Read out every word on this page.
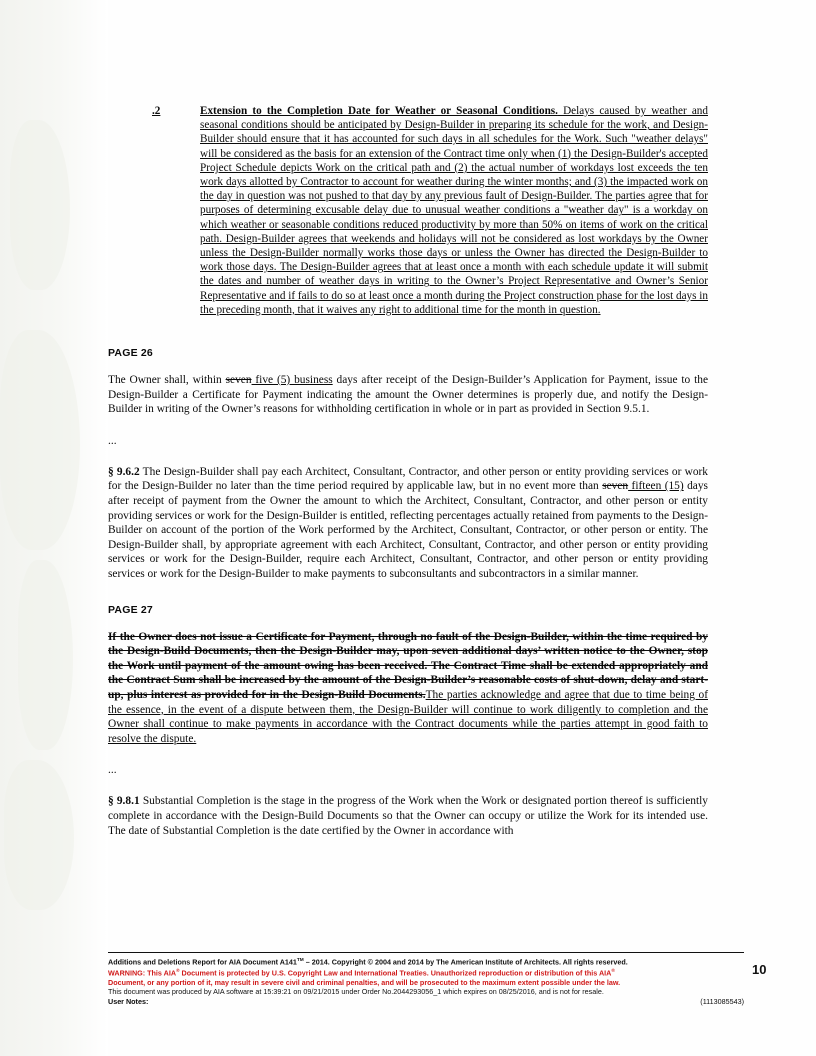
.2	Extension to the Completion Date for Weather or Seasonal Conditions. Delays caused by weather and seasonal conditions should be anticipated by Design-Builder in preparing its schedule for the work, and Design-Builder should ensure that it has accounted for such days in all schedules for the Work. Such "weather delays" will be considered as the basis for an extension of the Contract time only when (1) the Design-Builder's accepted Project Schedule depicts Work on the critical path and (2) the actual number of workdays lost exceeds the ten work days allotted by Contractor to account for weather during the winter months; and (3) the impacted work on the day in question was not pushed to that day by any previous fault of Design-Builder. The parties agree that for purposes of determining excusable delay due to unusual weather conditions a "weather day" is a workday on which weather or seasonable conditions reduced productivity by more than 50% on items of work on the critical path. Design-Builder agrees that weekends and holidays will not be considered as lost workdays by the Owner unless the Design-Builder normally works those days or unless the Owner has directed the Design-Builder to work those days. The Design-Builder agrees that at least once a month with each schedule update it will submit the dates and number of weather days in writing to the Owner’s Project Representative and Owner’s Senior Representative and if fails to do so at least once a month during the Project construction phase for the lost days in the preceding month, that it waives any right to additional time for the month in question.

PAGE 26

The Owner shall, within seven five (5) business days after receipt of the Design-Builder’s Application for Payment, issue to the Design-Builder a Certificate for Payment indicating the amount the Owner determines is properly due, and notify the Design-Builder in writing of the Owner’s reasons for withholding certification in whole or in part as provided in Section 9.5.1.

...

§ 9.6.2 The Design-Builder shall pay each Architect, Consultant, Contractor, and other person or entity providing services or work for the Design-Builder no later than the time period required by applicable law, but in no event more than seven fifteen (15) days after receipt of payment from the Owner the amount to which the Architect, Consultant, Contractor, and other person or entity providing services or work for the Design-Builder is entitled, reflecting percentages actually retained from payments to the Design-Builder on account of the portion of the Work performed by the Architect, Consultant, Contractor, or other person or entity. The Design-Builder shall, by appropriate agreement with each Architect, Consultant, Contractor, and other person or entity providing services or work for the Design-Builder, require each Architect, Consultant, Contractor, and other person or entity providing services or work for the Design-Builder to make payments to subconsultants and subcontractors in a similar manner.

PAGE 27

If the Owner does not issue a Certificate for Payment, through no fault of the Design-Builder, within the time required by the Design-Build Documents, then the Design-Builder may, upon seven additional days’ written notice to the Owner, stop the Work until payment of the amount owing has been received. The Contract Time shall be extended appropriately and the Contract Sum shall be increased by the amount of the Design-Builder’s reasonable costs of shut-down, delay and start-up, plus interest as provided for in the Design-Build Documents.The parties acknowledge and agree that due to time being of the essence, in the event of a dispute between them, the Design-Builder will continue to work diligently to completion and the Owner shall continue to make payments in accordance with the Contract documents while the parties attempt in good faith to resolve the dispute.

...

§ 9.8.1 Substantial Completion is the stage in the progress of the Work when the Work or designated portion thereof is sufficiently complete in accordance with the Design-Build Documents so that the Owner can occupy or utilize the Work for its intended use. The date of Substantial Completion is the date certified by the Owner in accordance with

Additions and Deletions Report for AIA Document A141™ – 2014. Copyright © 2004 and 2014 by The American Institute of Architects. All rights reserved.
WARNING: This AIA® Document is protected by U.S. Copyright Law and International Treaties. Unauthorized reproduction or distribution of this AIA®
Document, or any portion of it, may result in severe civil and criminal penalties, and will be prosecuted to the maximum extent possible under the law.
This document was produced by AIA software at 15:39:21 on 09/21/2015 under Order No.2044293056_1 which expires on 08/25/2016, and is not for resale.
(1113085543)
User Notes:
10
